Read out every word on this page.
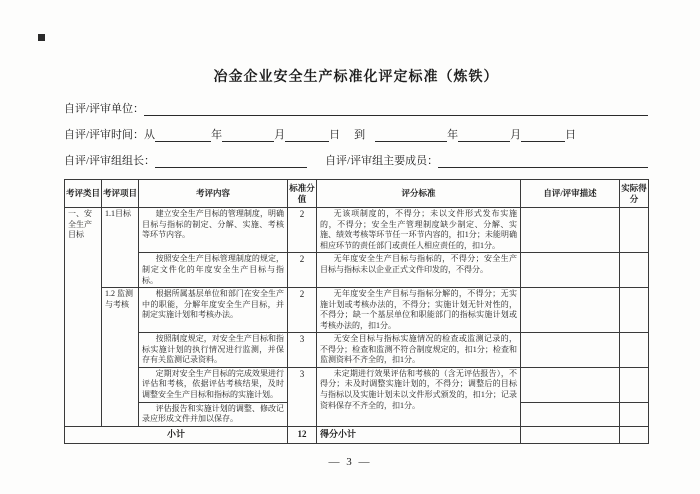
冶金企业安全生产标准化评定标准（炼铁）
自评/评审单位：
自评/评审时间：从	年	月	日 到	年	月	日
自评/评审组组长：	自评/评审组主要成员：
考评类目	考评项目	考评内容	标准分值	评分标准	自评/评审描述	实际得分
一、安全生产目标	1.1目标	建立安全生产目标的管理制度，明确目标与指标的制定、分解、实施、考核等环节内容。	2	无该项制度的，不得分；未以文件形式发布实施的，不得分；安全生产管理制度缺少制定、分解、实施、绩效考核等环节任一环节内容的，扣1分；未能明确相应环节的责任部门或责任人相应责任的，扣1分。		
		按照安全生产目标管理制度的规定，制定文件化的年度安全生产目标与指标。	2	无年度安全生产目标与指标的，不得分；安全生产目标与指标未以企业正式文件印发的，不得分。		
	1.2 监测与考核	根据所属基层单位和部门在安全生产中的职能，分解年度安全生产目标，并制定实施计划和考核办法。	2	无年度安全生产目标与指标分解的，不得分；无实施计划或考核办法的，不得分；实施计划无针对性的，不得分；缺一个基层单位和职能部门的指标实施计划或考核办法的，扣1分。		
		按照制度规定，对安全生产目标和指标实施计划的执行情况进行监测，并保存有关监测记录资料。	3	无安全目标与指标实施情况的检查或监测记录的，不得分；检查和监测不符合制度规定的，扣1分；检查和监测资料不齐全的，扣1分。		
		定期对安全生产目标的完成效果进行评估和考核，依据评估考核结果，及时调整安全生产目标和指标的实施计划。	3	未定期进行效果评估和考核的（含无评估报告），不得分；未及时调整实施计划的，不得分；调整后的目标与指标以及实施计划未以文件形式颁发的，扣1分；记录资料保存不齐全的，扣1分。		
		评估报告和实施计划的调整、修改记录应形成文件并加以保存。				
小计			12	得分小计		
— 3 —
